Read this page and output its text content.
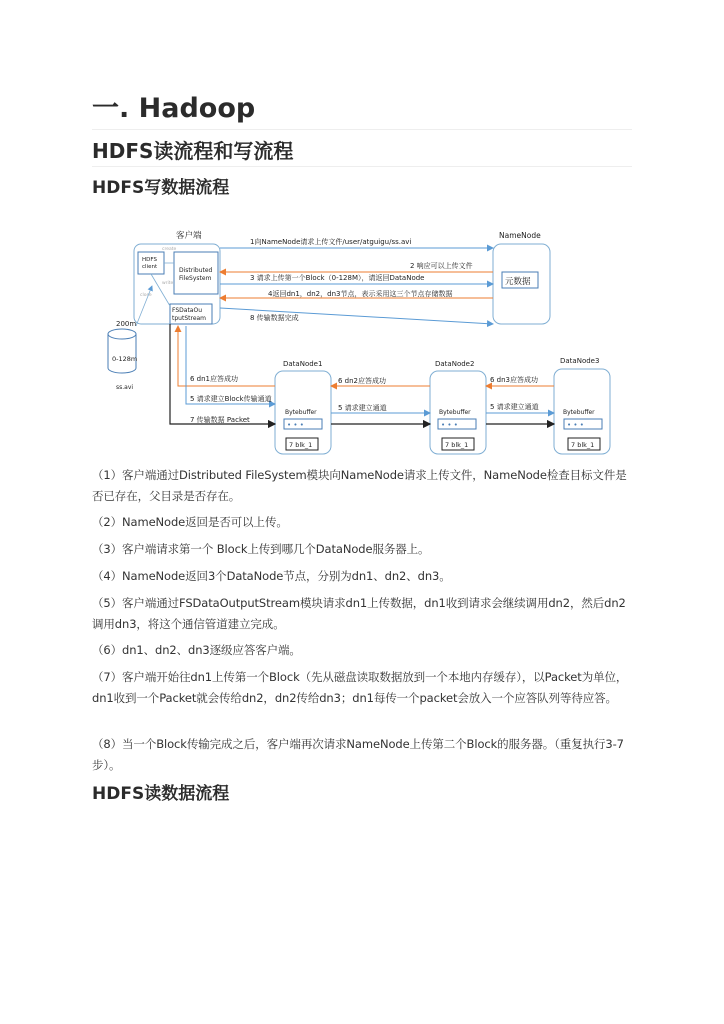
一. Hadoop
HDFS读流程和写流程
HDFS写数据流程
（1）客户端通过Distributed FileSystem模块向NameNode请求上传文件，NameNode检查目标文件是否已存在，父目录是否存在。
（2）NameNode返回是否可以上传。
（3）客户端请求第一个 Block上传到哪几个DataNode服务器上。
（4）NameNode返回3个DataNode节点，分别为dn1、dn2、dn3。
（5）客户端通过FSDataOutputStream模块请求dn1上传数据，dn1收到请求会继续调用dn2，然后dn2调用dn3，将这个通信管道建立完成。
（6）dn1、dn2、dn3逐级应答客户端。
（7）客户端开始往dn1上传第一个Block（先从磁盘读取数据放到一个本地内存缓存），以Packet为单位，dn1收到一个Packet就会传给dn2，dn2传给dn3；dn1每传一个packet会放入一个应答队列等待应答。
（8）当一个Block传输完成之后，客户端再次请求NameNode上传第二个Block的服务器。（重复执行3-7步）。
HDFS读数据流程
客户端
HDFS
client	Distributed
FileSystem
FSDataOu
tputStream
create
write
close
200m
0-128m
ss.avi
NameNode
元数据
1向NameNode请求上传文件/user/atguigu/ss.avi
2 响应可以上传文件
3 请求上传第一个Block（0-128M），请返回DataNode
4返回dn1，dn2，dn3节点，表示采用这三个节点存储数据
8 传输数据完成
DataNode1
Bytebuffer
• • •
7 blk_1
DataNode2
Bytebuffer
• • •
7 blk_1
DataNode3
Bytebuffer
• • •
7 blk_1
6 dn1应答成功
5 请求建立Block传输通道
7 传输数据 Packet
6 dn2应答成功
5 请求建立通道
6 dn3应答成功
5 请求建立通道
